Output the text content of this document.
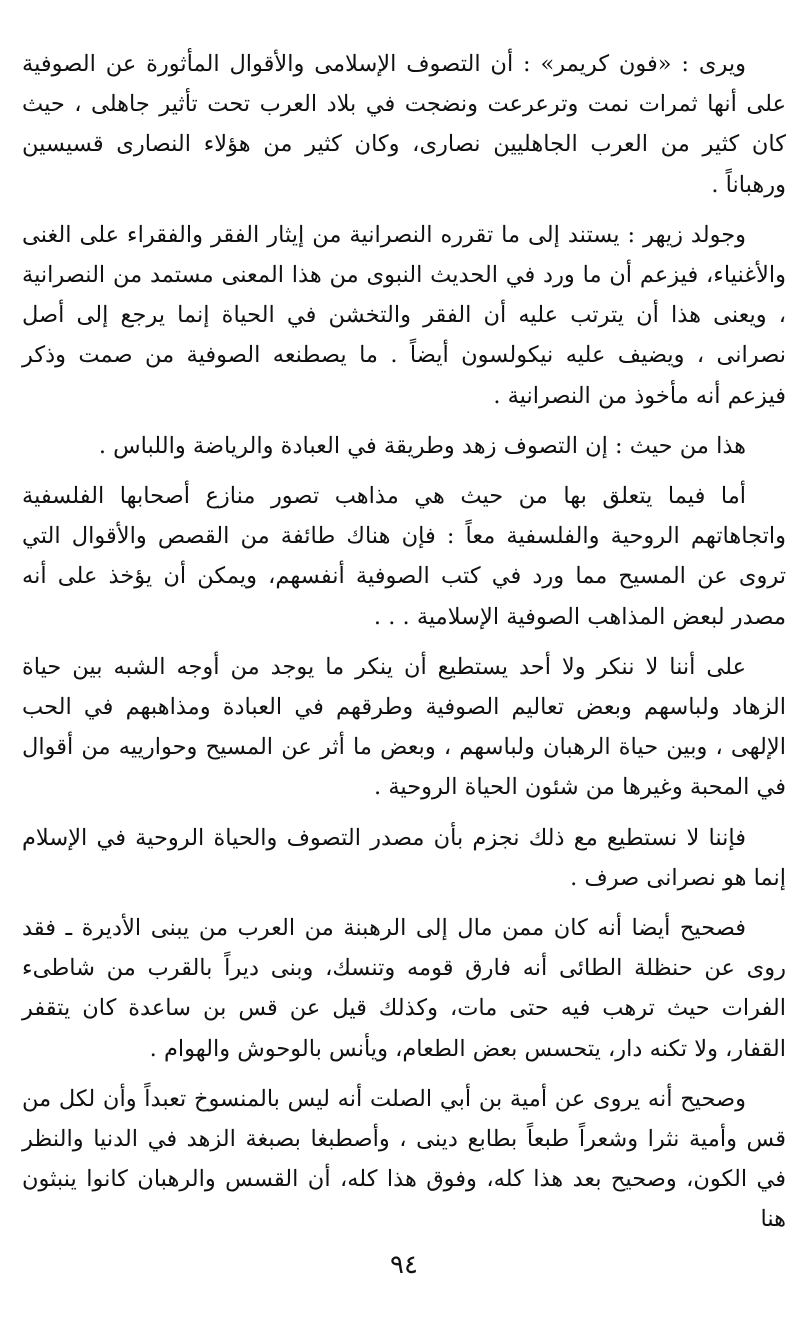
ويرى : «فون كريمر» : أن التصوف الإسلامى والأقوال المأثورة عن الصوفية على أنها ثمرات نمت وترعرعت ونضجت في بلاد العرب تحت تأثير جاهلى ، حيث كان كثير من العرب الجاهليين نصارى، وكان كثير من هؤلاء النصارى قسيسين ورهباناً .

وجولد زيهر : يستند إلى ما تقرره النصرانية من إيثار الفقر والفقراء على الغنى والأغنياء، فيزعم أن ما ورد في الحديث النبوى من هذا المعنى مستمد من النصرانية ، ويعنى هذا أن يترتب عليه أن الفقر والتخشن في الحياة إنما يرجع إلى أصل نصرانى ، ويضيف عليه نيكولسون أيضاً . ما يصطنعه الصوفية من صمت وذكر فيزعم أنه مأخوذ من النصرانية .

هذا من حيث : إن التصوف زهد وطريقة في العبادة والرياضة واللباس .

أما فيما يتعلق بها من حيث هي مذاهب تصور منازع أصحابها الفلسفية واتجاهاتهم الروحية والفلسفية معاً : فإن هناك طائفة من القصص والأقوال التي تروى عن المسيح مما ورد في كتب الصوفية أنفسهم، ويمكن أن يؤخذ على أنه مصدر لبعض المذاهب الصوفية الإسلامية . . .

على أننا لا ننكر ولا أحد يستطيع أن ينكر ما يوجد من أوجه الشبه بين حياة الزهاد ولباسهم وبعض تعاليم الصوفية وطرقهم في العبادة ومذاهبهم في الحب الإلهى ، وبين حياة الرهبان ولباسهم ، وبعض ما أثر عن المسيح وحوارييه من أقوال في المحبة وغيرها من شئون الحياة الروحية .

فإننا لا نستطيع مع ذلك نجزم بأن مصدر التصوف والحياة الروحية في الإسلام إنما هو نصرانى صرف .

فصحيح أيضا أنه كان ممن مال إلى الرهبنة من العرب من يبنى الأديرة ـ فقد روى عن حنظلة الطائى أنه فارق قومه وتنسك، وبنى ديراً بالقرب من شاطىء الفرات حيث ترهب فيه حتى مات، وكذلك قيل عن قس بن ساعدة كان يتقفر القفار، ولا تكنه دار، يتحسس بعض الطعام، ويأنس بالوحوش والهوام .

وصحيح أنه يروى عن أمية بن أبي الصلت أنه ليس بالمنسوخ تعبداً وأن لكل من قس وأمية نثرا وشعراً طبعاً بطابع دينى ، وأصطبغا بصبغة الزهد في الدنيا والنظر في الكون، وصحيح بعد هذا كله، وفوق هذا كله، أن القسس والرهبان كانوا ينبثون هنا

٩٤
